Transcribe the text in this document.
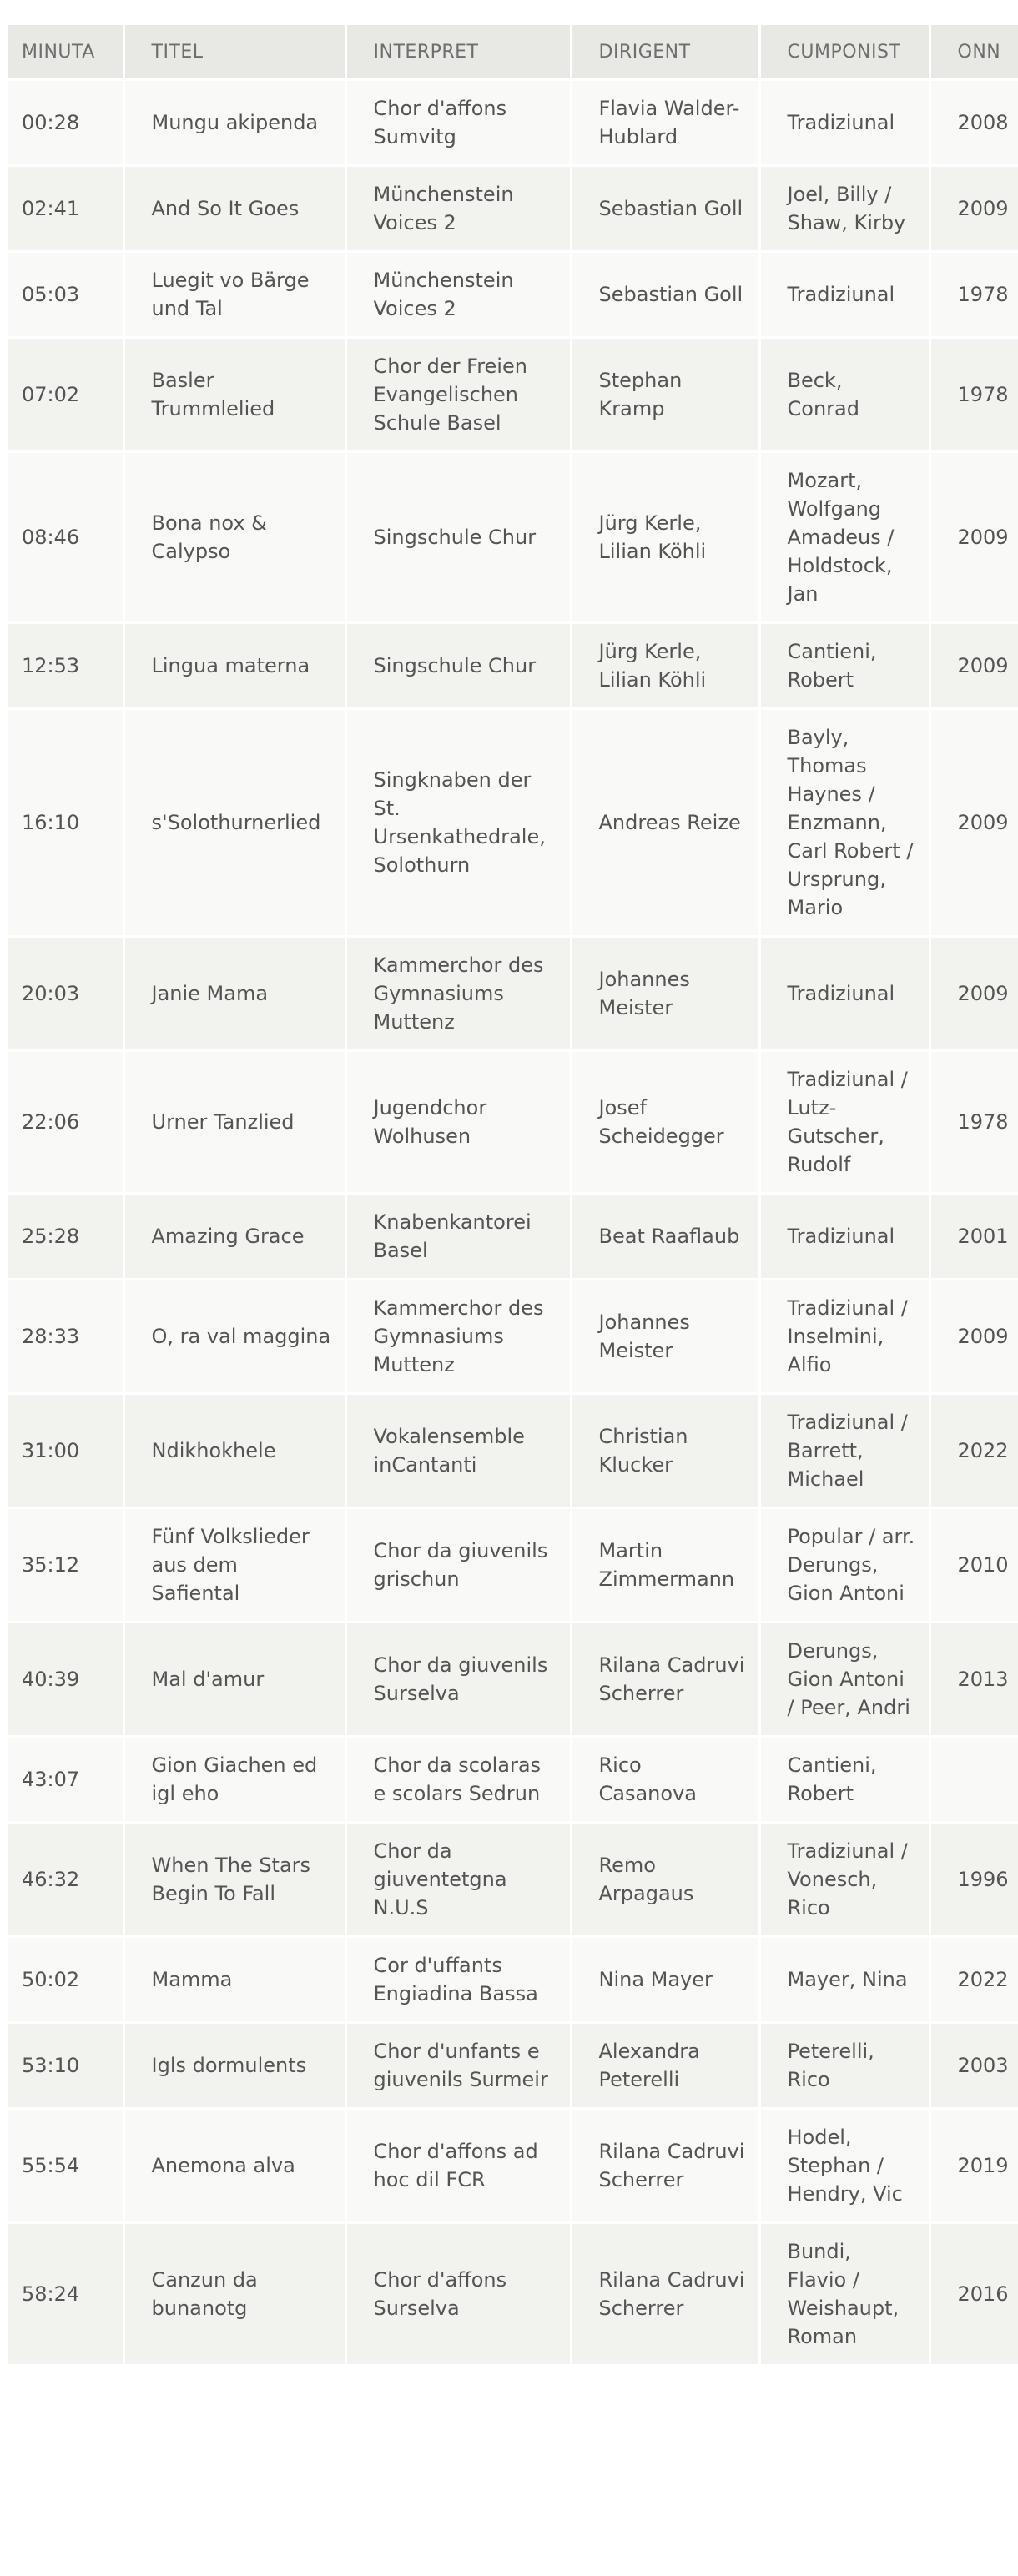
MINUTA	TITEL	INTERPRET	DIRIGENT	CUMPONIST	ONN
00:28	Mungu akipenda	Chor d'affons Sumvitg	Flavia Walder-Hublard	Tradiziunal	2008
02:41	And So It Goes	Münchenstein Voices 2	Sebastian Goll	Joel, Billy / Shaw, Kirby	2009
05:03	Luegit vo Bärge und Tal	Münchenstein Voices 2	Sebastian Goll	Tradiziunal	1978
07:02	Basler Trummlelied	Chor der Freien Evangelischen Schule Basel	Stephan Kramp	Beck, Conrad	1978
08:46	Bona nox & Calypso	Singschule Chur	Jürg Kerle, Lilian Köhli	Mozart, Wolfgang Amadeus / Holdstock, Jan	2009
12:53	Lingua materna	Singschule Chur	Jürg Kerle, Lilian Köhli	Cantieni, Robert	2009
16:10	s'Solothurnerlied	Singknaben der St. Ursenkathedrale, Solothurn	Andreas Reize	Bayly, Thomas Haynes / Enzmann, Carl Robert / Ursprung, Mario	2009
20:03	Janie Mama	Kammerchor des Gymnasiums Muttenz	Johannes Meister	Tradiziunal	2009
22:06	Urner Tanzlied	Jugendchor Wolhusen	Josef Scheidegger	Tradiziunal / Lutz-Gutscher, Rudolf	1978
25:28	Amazing Grace	Knabenkantorei Basel	Beat Raaflaub	Tradiziunal	2001
28:33	O, ra val maggina	Kammerchor des Gymnasiums Muttenz	Johannes Meister	Tradiziunal / Inselmini, Alfio	2009
31:00	Ndikhokhele	Vokalensemble inCantanti	Christian Klucker	Tradiziunal / Barrett, Michael	2022
35:12	Fünf Volkslieder aus dem Safiental	Chor da giuvenils grischun	Martin Zimmermann	Popular / arr. Derungs, Gion Antoni	2010
40:39	Mal d'amur	Chor da giuvenils Surselva	Rilana Cadruvi Scherrer	Derungs, Gion Antoni / Peer, Andri	2013
43:07	Gion Giachen ed igl eho	Chor da scolaras e scolars Sedrun	Rico Casanova	Cantieni, Robert	
46:32	When The Stars Begin To Fall	Chor da giuventetgna N.U.S	Remo Arpagaus	Tradiziunal / Vonesch, Rico	1996
50:02	Mamma	Cor d'uffants Engiadina Bassa	Nina Mayer	Mayer, Nina	2022
53:10	Igls dormulents	Chor d'unfants e giuvenils Surmeir	Alexandra Peterelli	Peterelli, Rico	2003
55:54	Anemona alva	Chor d'affons ad hoc dil FCR	Rilana Cadruvi Scherrer	Hodel, Stephan / Hendry, Vic	2019
58:24	Canzun da bunanotg	Chor d'affons Surselva	Rilana Cadruvi Scherrer	Bundi, Flavio / Weishaupt, Roman	2016
